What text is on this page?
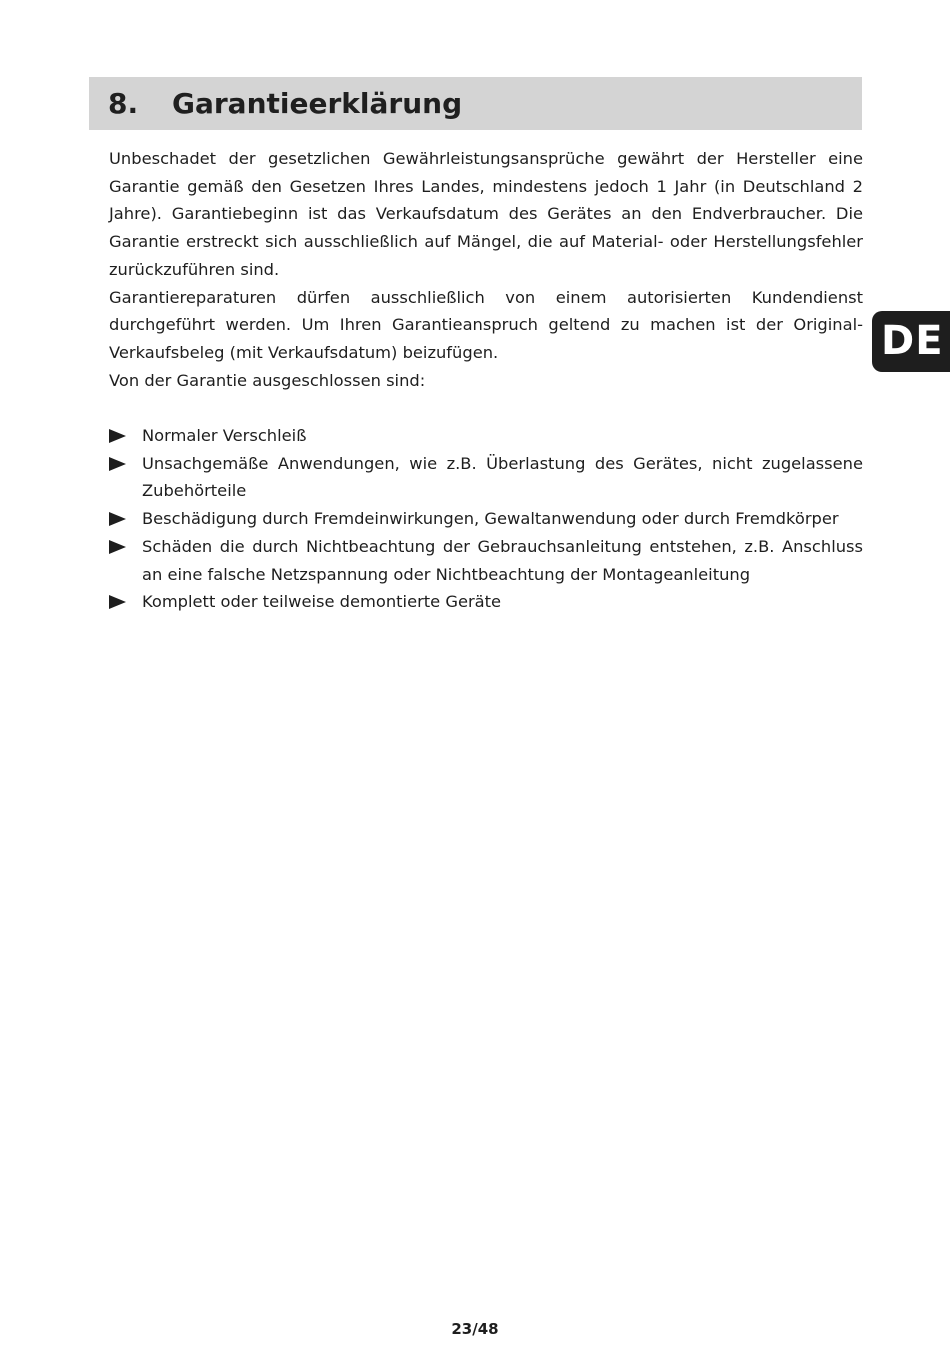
8.	Garantieerklärung

Unbeschadet der gesetzlichen Gewährleistungsansprüche gewährt der Hersteller eine Garantie gemäß den Gesetzen Ihres Landes, mindestens jedoch 1 Jahr (in Deutschland 2 Jahre). Garantiebeginn ist das Verkaufsdatum des Gerätes an den Endverbraucher. Die Garantie erstreckt sich ausschließlich auf Mängel, die auf Material- oder Herstellungsfehler zurückzuführen sind.

Garantiereparaturen dürfen ausschließlich von einem autorisierten Kundendienst durchgeführt werden. Um Ihren Garantieanspruch geltend zu machen ist der Original-Verkaufsbeleg (mit Verkaufsdatum) beizufügen.

Von der Garantie ausgeschlossen sind:

Normaler Verschleiß
Unsachgemäße Anwendungen, wie z.B. Überlastung des Gerätes, nicht zugelassene Zubehörteile
Beschädigung durch Fremdeinwirkungen, Gewaltanwendung oder durch Fremdkörper
Schäden die durch Nichtbeachtung der Gebrauchsanleitung entstehen, z.B. Anschluss an eine falsche Netzspannung oder Nichtbeachtung der Montageanleitung
Komplett oder teilweise demontierte Geräte
DE
23/48
